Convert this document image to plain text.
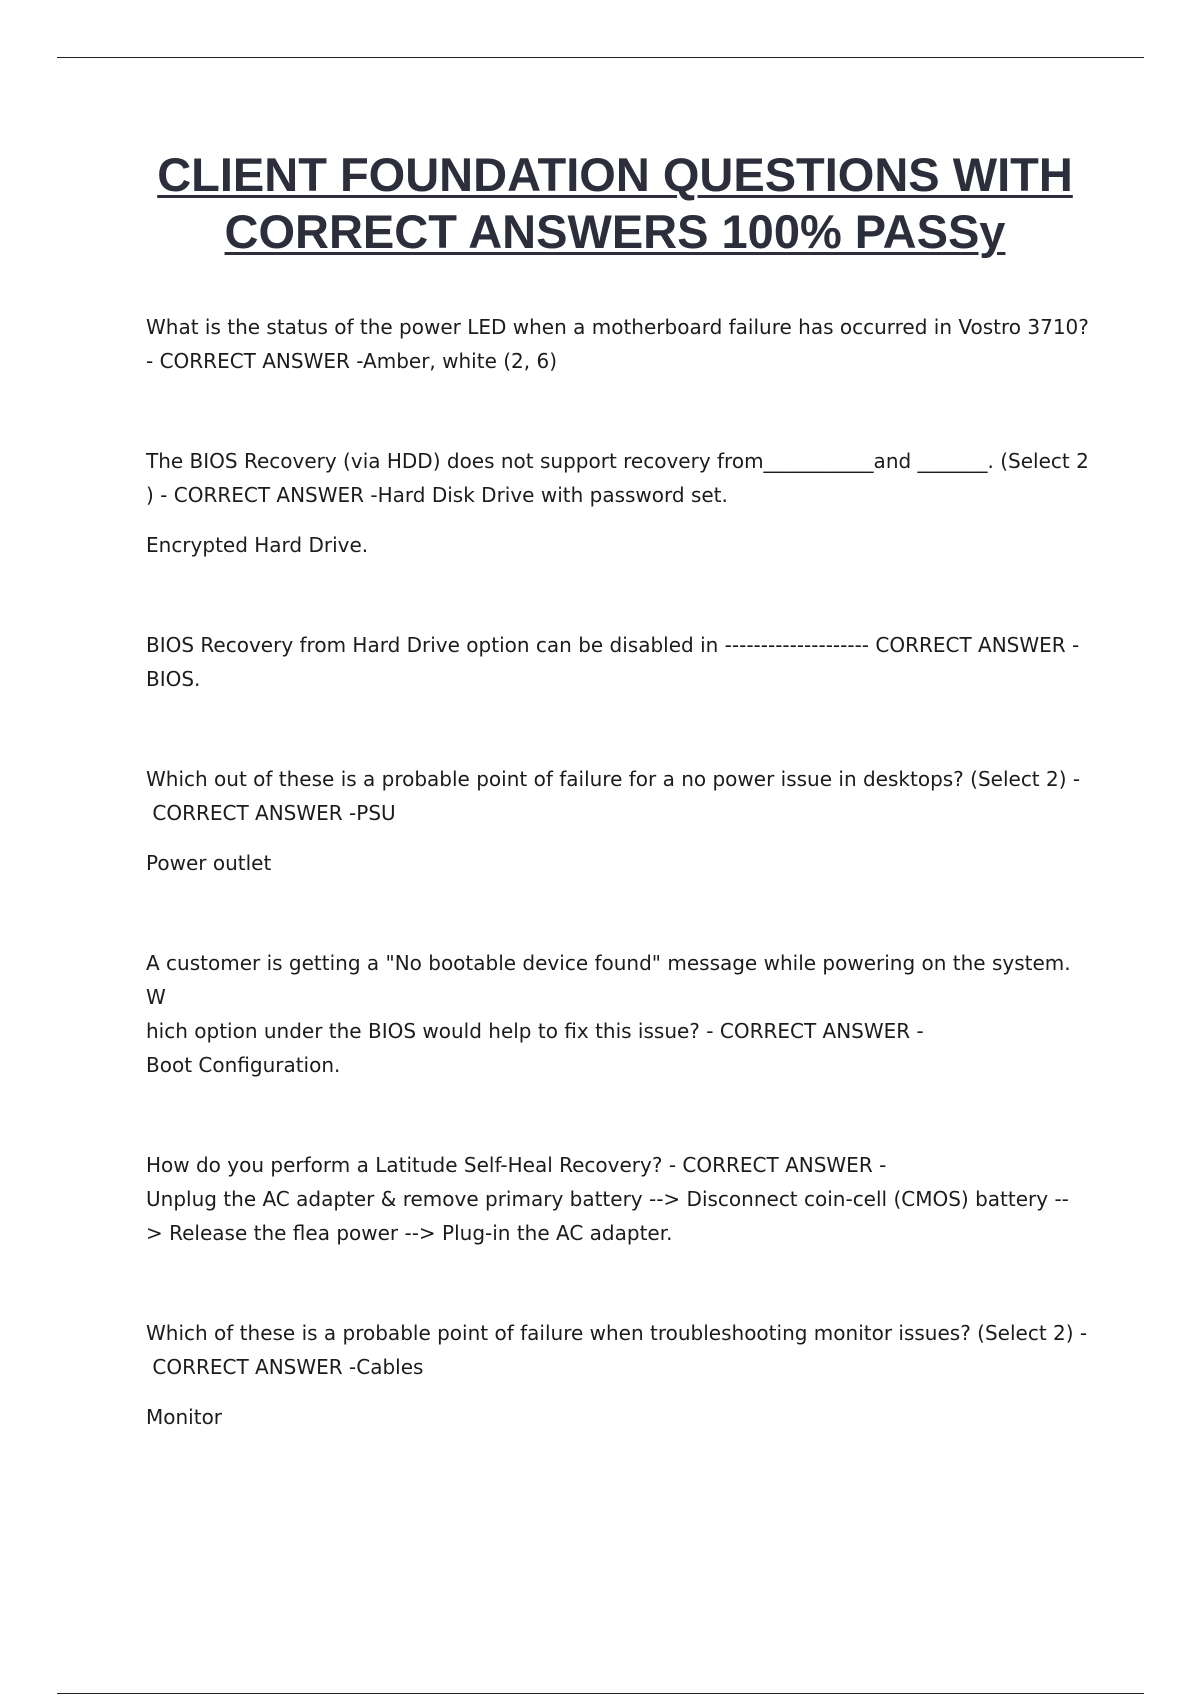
CLIENT FOUNDATION QUESTIONS WITH CORRECT ANSWERS 100% PASSy

What is the status of the power LED when a motherboard failure has occurred in Vostro 3710?

- CORRECT ANSWER -Amber, white (2, 6)

The BIOS Recovery (via HDD) does not support recovery from___________and _______. (Select 2

) - CORRECT ANSWER -Hard Disk Drive with password set.

Encrypted Hard Drive.

BIOS Recovery from Hard Drive option can be disabled in -------------------- CORRECT ANSWER -

BIOS.

Which out of these is a probable point of failure for a no power issue in desktops? (Select 2) -

CORRECT ANSWER -PSU

Power outlet

A customer is getting a "No bootable device found" message while powering on the system. W

hich option under the BIOS would help to fix this issue? - CORRECT ANSWER -

Boot Configuration.

How do you perform a Latitude Self-Heal Recovery? - CORRECT ANSWER -

Unplug the AC adapter & remove primary battery --> Disconnect coin-cell (CMOS) battery --

> Release the flea power --> Plug-in the AC adapter.

Which of these is a probable point of failure when troubleshooting monitor issues? (Select 2) -

CORRECT ANSWER -Cables

Monitor
